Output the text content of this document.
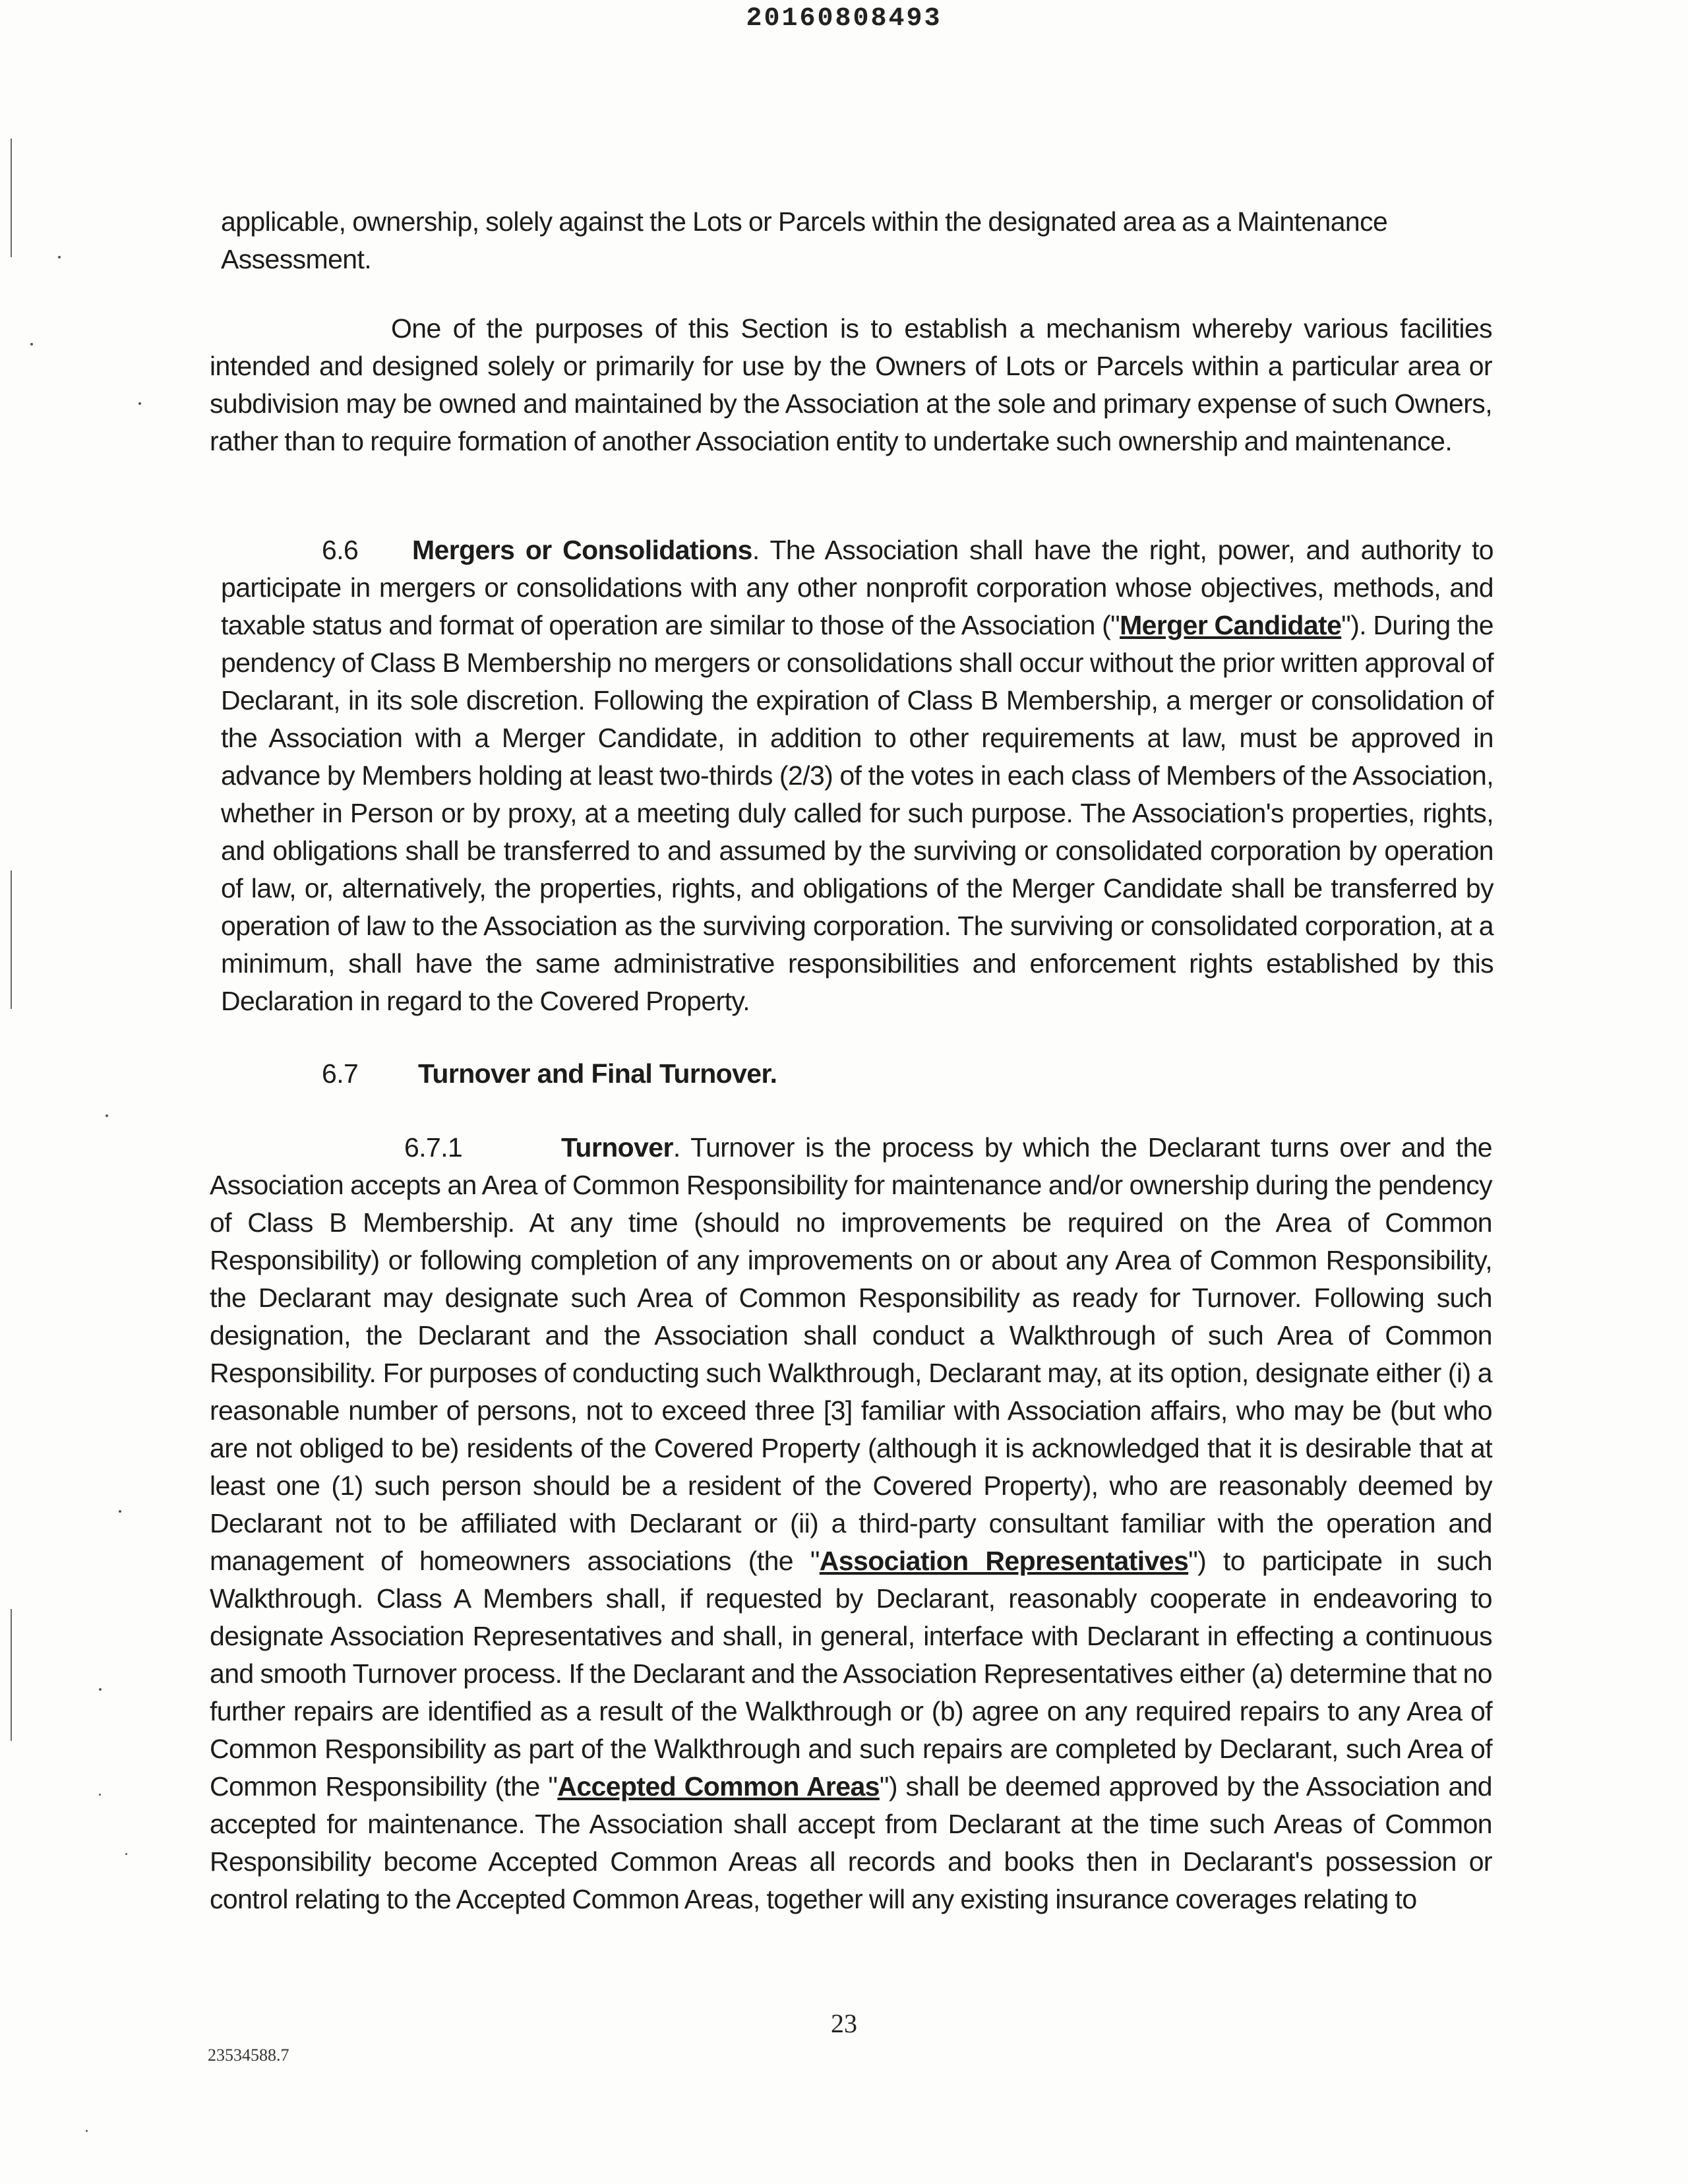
20160808493
applicable, ownership, solely against the Lots or Parcels within the designated area as a Maintenance Assessment.
One of the purposes of this Section is to establish a mechanism whereby various facilities intended and designed solely or primarily for use by the Owners of Lots or Parcels within a particular area or subdivision may be owned and maintained by the Association at the sole and primary expense of such Owners, rather than to require formation of another Association entity to undertake such ownership and maintenance.
6.6 Mergers or Consolidations. The Association shall have the right, power, and authority to participate in mergers or consolidations with any other nonprofit corporation whose objectives, methods, and taxable status and format of operation are similar to those of the Association ("Merger Candidate"). During the pendency of Class B Membership no mergers or consolidations shall occur without the prior written approval of Declarant, in its sole discretion. Following the expiration of Class B Membership, a merger or consolidation of the Association with a Merger Candidate, in addition to other requirements at law, must be approved in advance by Members holding at least two-thirds (2/3) of the votes in each class of Members of the Association, whether in Person or by proxy, at a meeting duly called for such purpose. The Association's properties, rights, and obligations shall be transferred to and assumed by the surviving or consolidated corporation by operation of law, or, alternatively, the properties, rights, and obligations of the Merger Candidate shall be transferred by operation of law to the Association as the surviving corporation. The surviving or consolidated corporation, at a minimum, shall have the same administrative responsibilities and enforcement rights established by this Declaration in regard to the Covered Property.
6.7 Turnover and Final Turnover.
6.7.1	Turnover. Turnover is the process by which the Declarant turns over and the Association accepts an Area of Common Responsibility for maintenance and/or ownership during the pendency of Class B Membership. At any time (should no improvements be required on the Area of Common Responsibility) or following completion of any improvements on or about any Area of Common Responsibility, the Declarant may designate such Area of Common Responsibility as ready for Turnover. Following such designation, the Declarant and the Association shall conduct a Walkthrough of such Area of Common Responsibility. For purposes of conducting such Walkthrough, Declarant may, at its option, designate either (i) a reasonable number of persons, not to exceed three [3] familiar with Association affairs, who may be (but who are not obliged to be) residents of the Covered Property (although it is acknowledged that it is desirable that at least one (1) such person should be a resident of the Covered Property), who are reasonably deemed by Declarant not to be affiliated with Declarant or (ii) a third-party consultant familiar with the operation and management of homeowners associations (the "Association Representatives") to participate in such Walkthrough. Class A Members shall, if requested by Declarant, reasonably cooperate in endeavoring to designate Association Representatives and shall, in general, interface with Declarant in effecting a continuous and smooth Turnover process. If the Declarant and the Association Representatives either (a) determine that no further repairs are identified as a result of the Walkthrough or (b) agree on any required repairs to any Area of Common Responsibility as part of the Walkthrough and such repairs are completed by Declarant, such Area of Common Responsibility (the "Accepted Common Areas") shall be deemed approved by the Association and accepted for maintenance. The Association shall accept from Declarant at the time such Areas of Common Responsibility become Accepted Common Areas all records and books then in Declarant's possession or control relating to the Accepted Common Areas, together will any existing insurance coverages relating to
23
23534588.7
